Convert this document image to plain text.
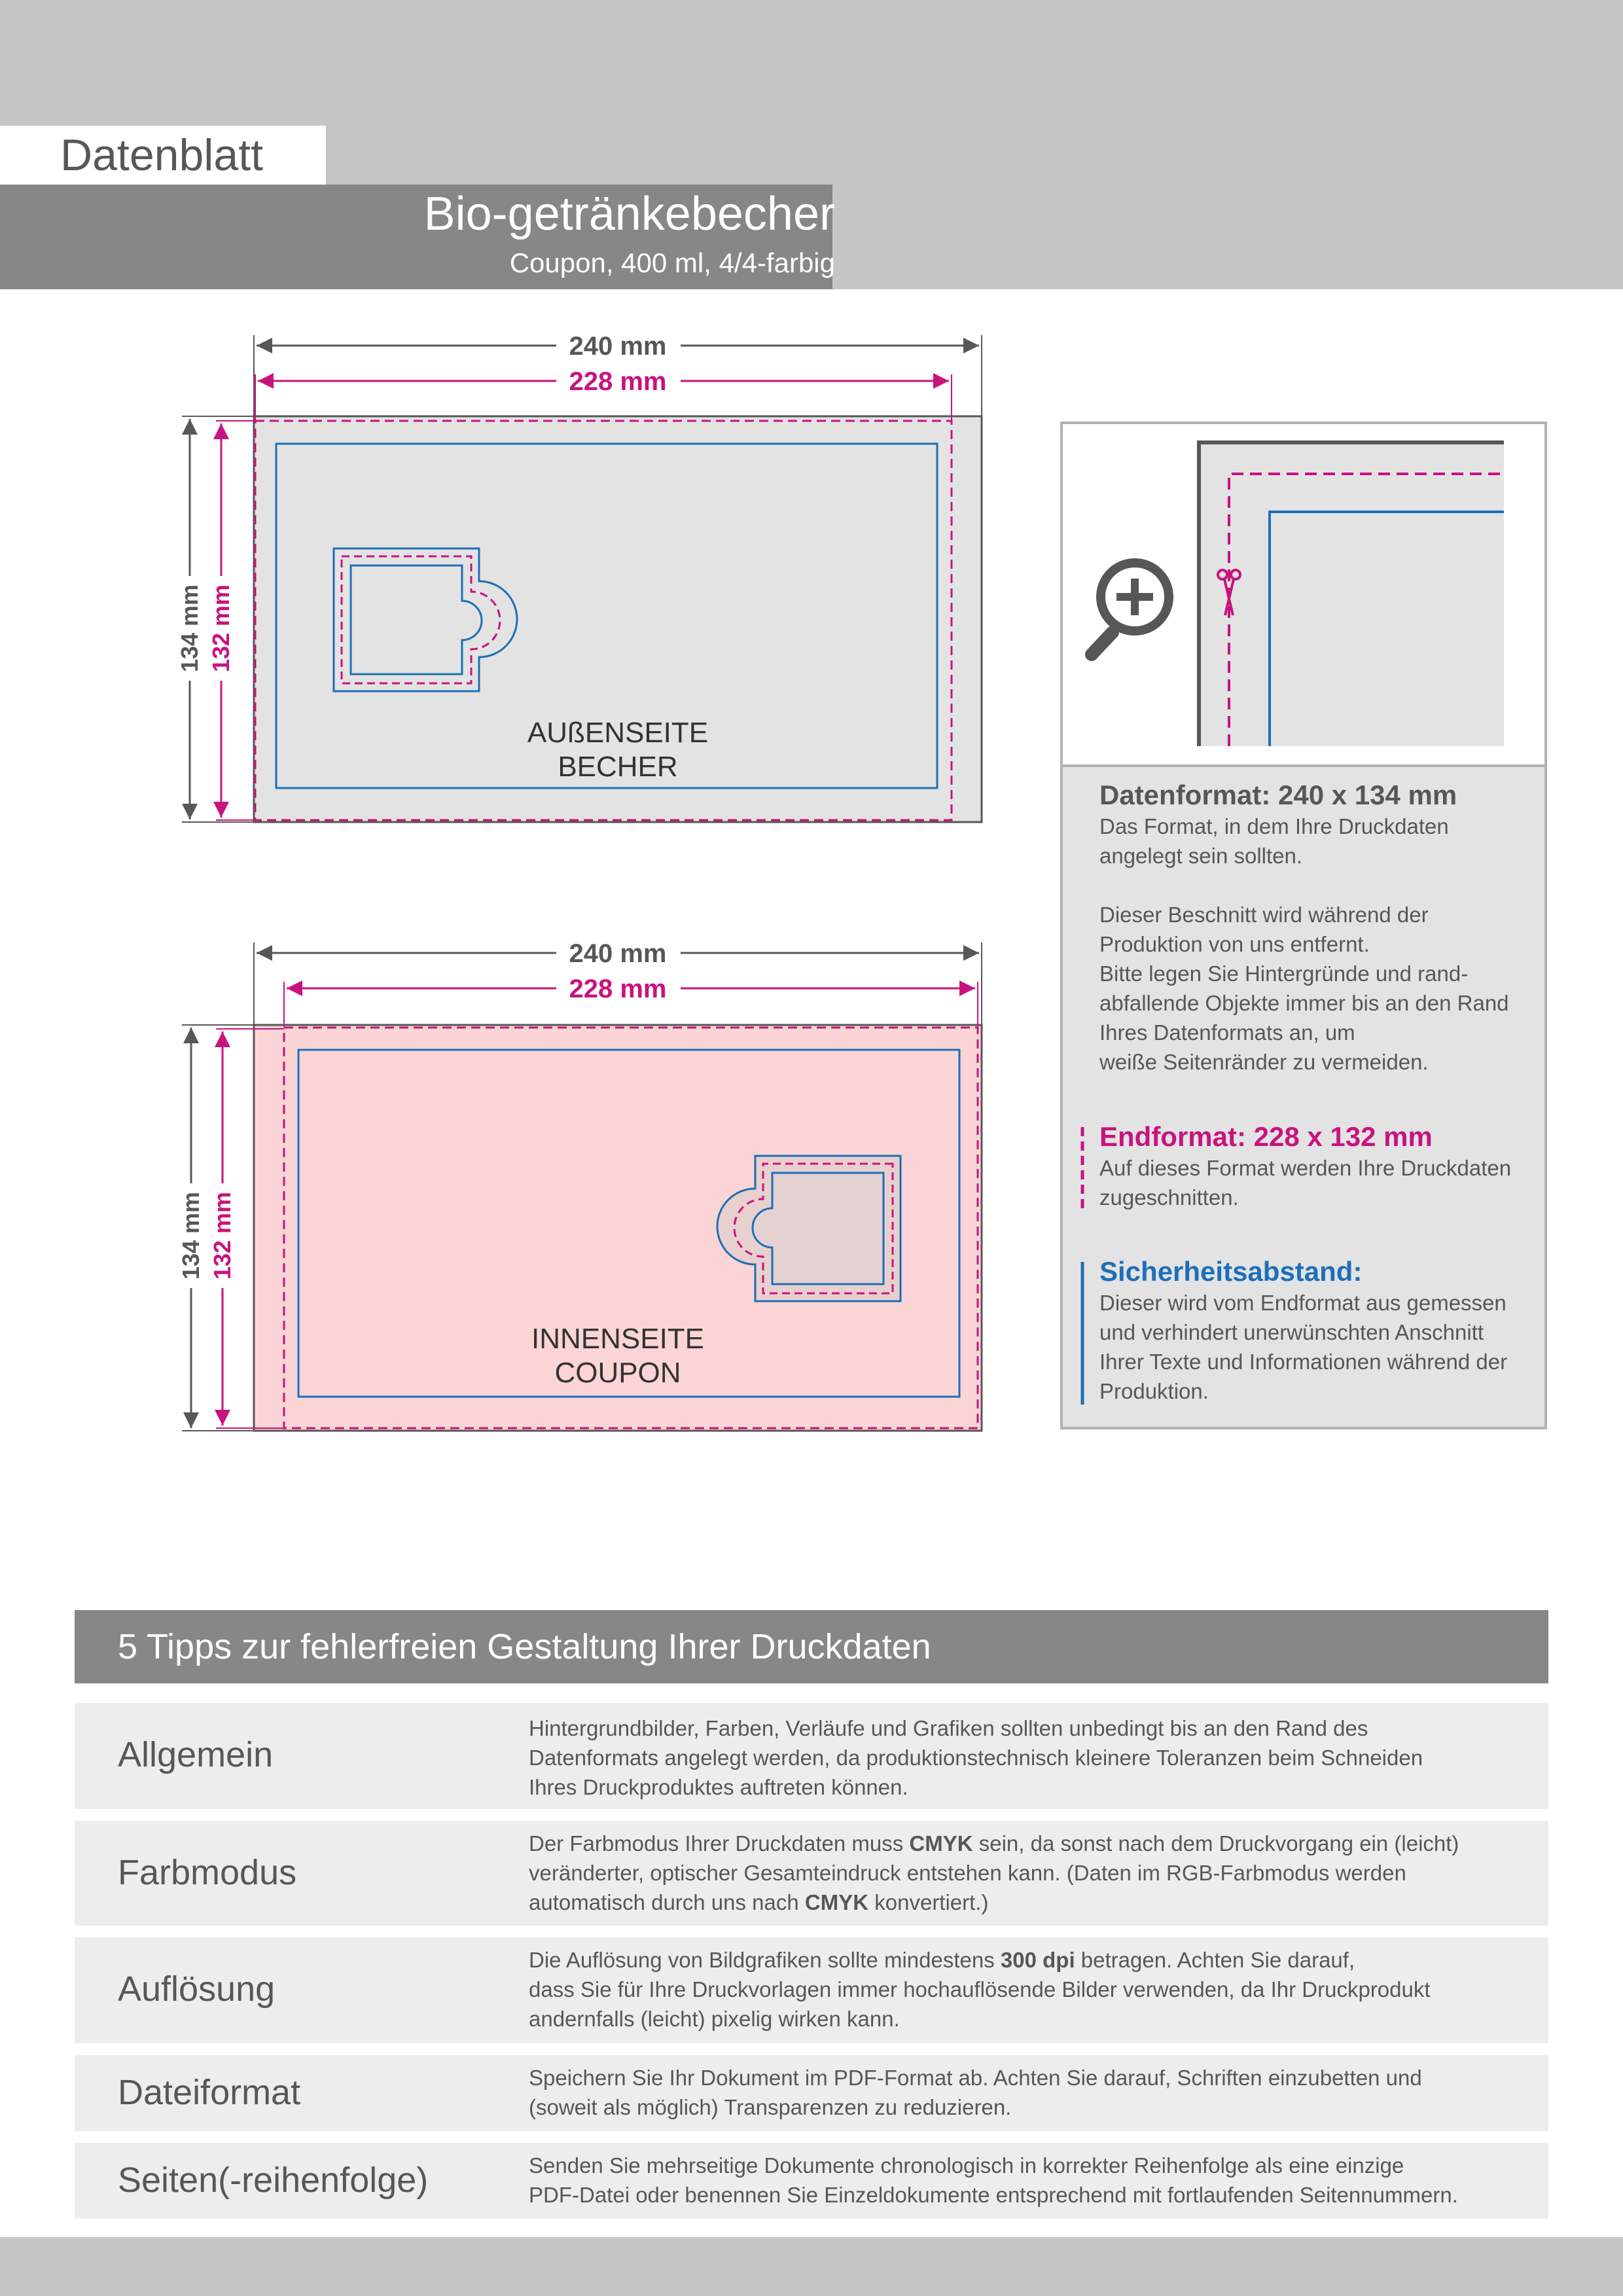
Datenblatt
Bio-getränkebecher
Coupon, 400 ml, 4/4-farbig
AUßENSEITE
BECHER
240 mm
228 mm
134 mm 132 mm
INNENSEITE
COUPON
240 mm
228 mm
134 mm 132 mm

Datenformat: 240 x 134 mm

Das Format, in dem Ihre Druckdaten
angelegt sein sollten.

Dieser Beschnitt wird während der
Produktion von uns entfernt.
Bitte legen Sie Hintergründe und rand-
abfallende Objekte immer bis an den Rand
Ihres Datenformats an, um
weiße Seitenränder zu vermeiden.

Endformat: 228 x 132 mm

Auf dieses Format werden Ihre Druckdaten
zugeschnitten.

Sicherheitsabstand:

Dieser wird vom Endformat aus gemessen
und verhindert unerwünschten Anschnitt
Ihrer Texte und Informationen während der
Produktion.

5 Tipps zur fehlerfreien Gestaltung Ihrer Druckdaten
Allgemein
Hintergrundbilder, Farben, Verläufe und Grafiken sollten unbedingt bis an den Rand des
Datenformats angelegt werden, da produktionstechnisch kleinere Toleranzen beim Schneiden
Ihres Druckproduktes auftreten können.
Farbmodus
Der Farbmodus Ihrer Druckdaten muss CMYK sein, da sonst nach dem Druckvorgang ein (leicht)
veränderter, optischer Gesamteindruck entstehen kann. (Daten im RGB-Farbmodus werden
automatisch durch uns nach CMYK konvertiert.)
Auflösung
Die Auflösung von Bildgrafiken sollte mindestens 300 dpi betragen. Achten Sie darauf,
dass Sie für Ihre Druckvorlagen immer hochauflösende Bilder verwenden, da Ihr Druckprodukt
andernfalls (leicht) pixelig wirken kann.
Dateiformat	Speichern Sie Ihr Dokument im PDF-Format ab. Achten Sie darauf, Schriften einzubetten und
(soweit als möglich) Transparenzen zu reduzieren.
Seiten(-reihenfolge)	Senden Sie mehrseitige Dokumente chronologisch in korrekter Reihenfolge als eine einzige
PDF-Datei oder benennen Sie Einzeldokumente entsprechend mit fortlaufenden Seitennummern.
